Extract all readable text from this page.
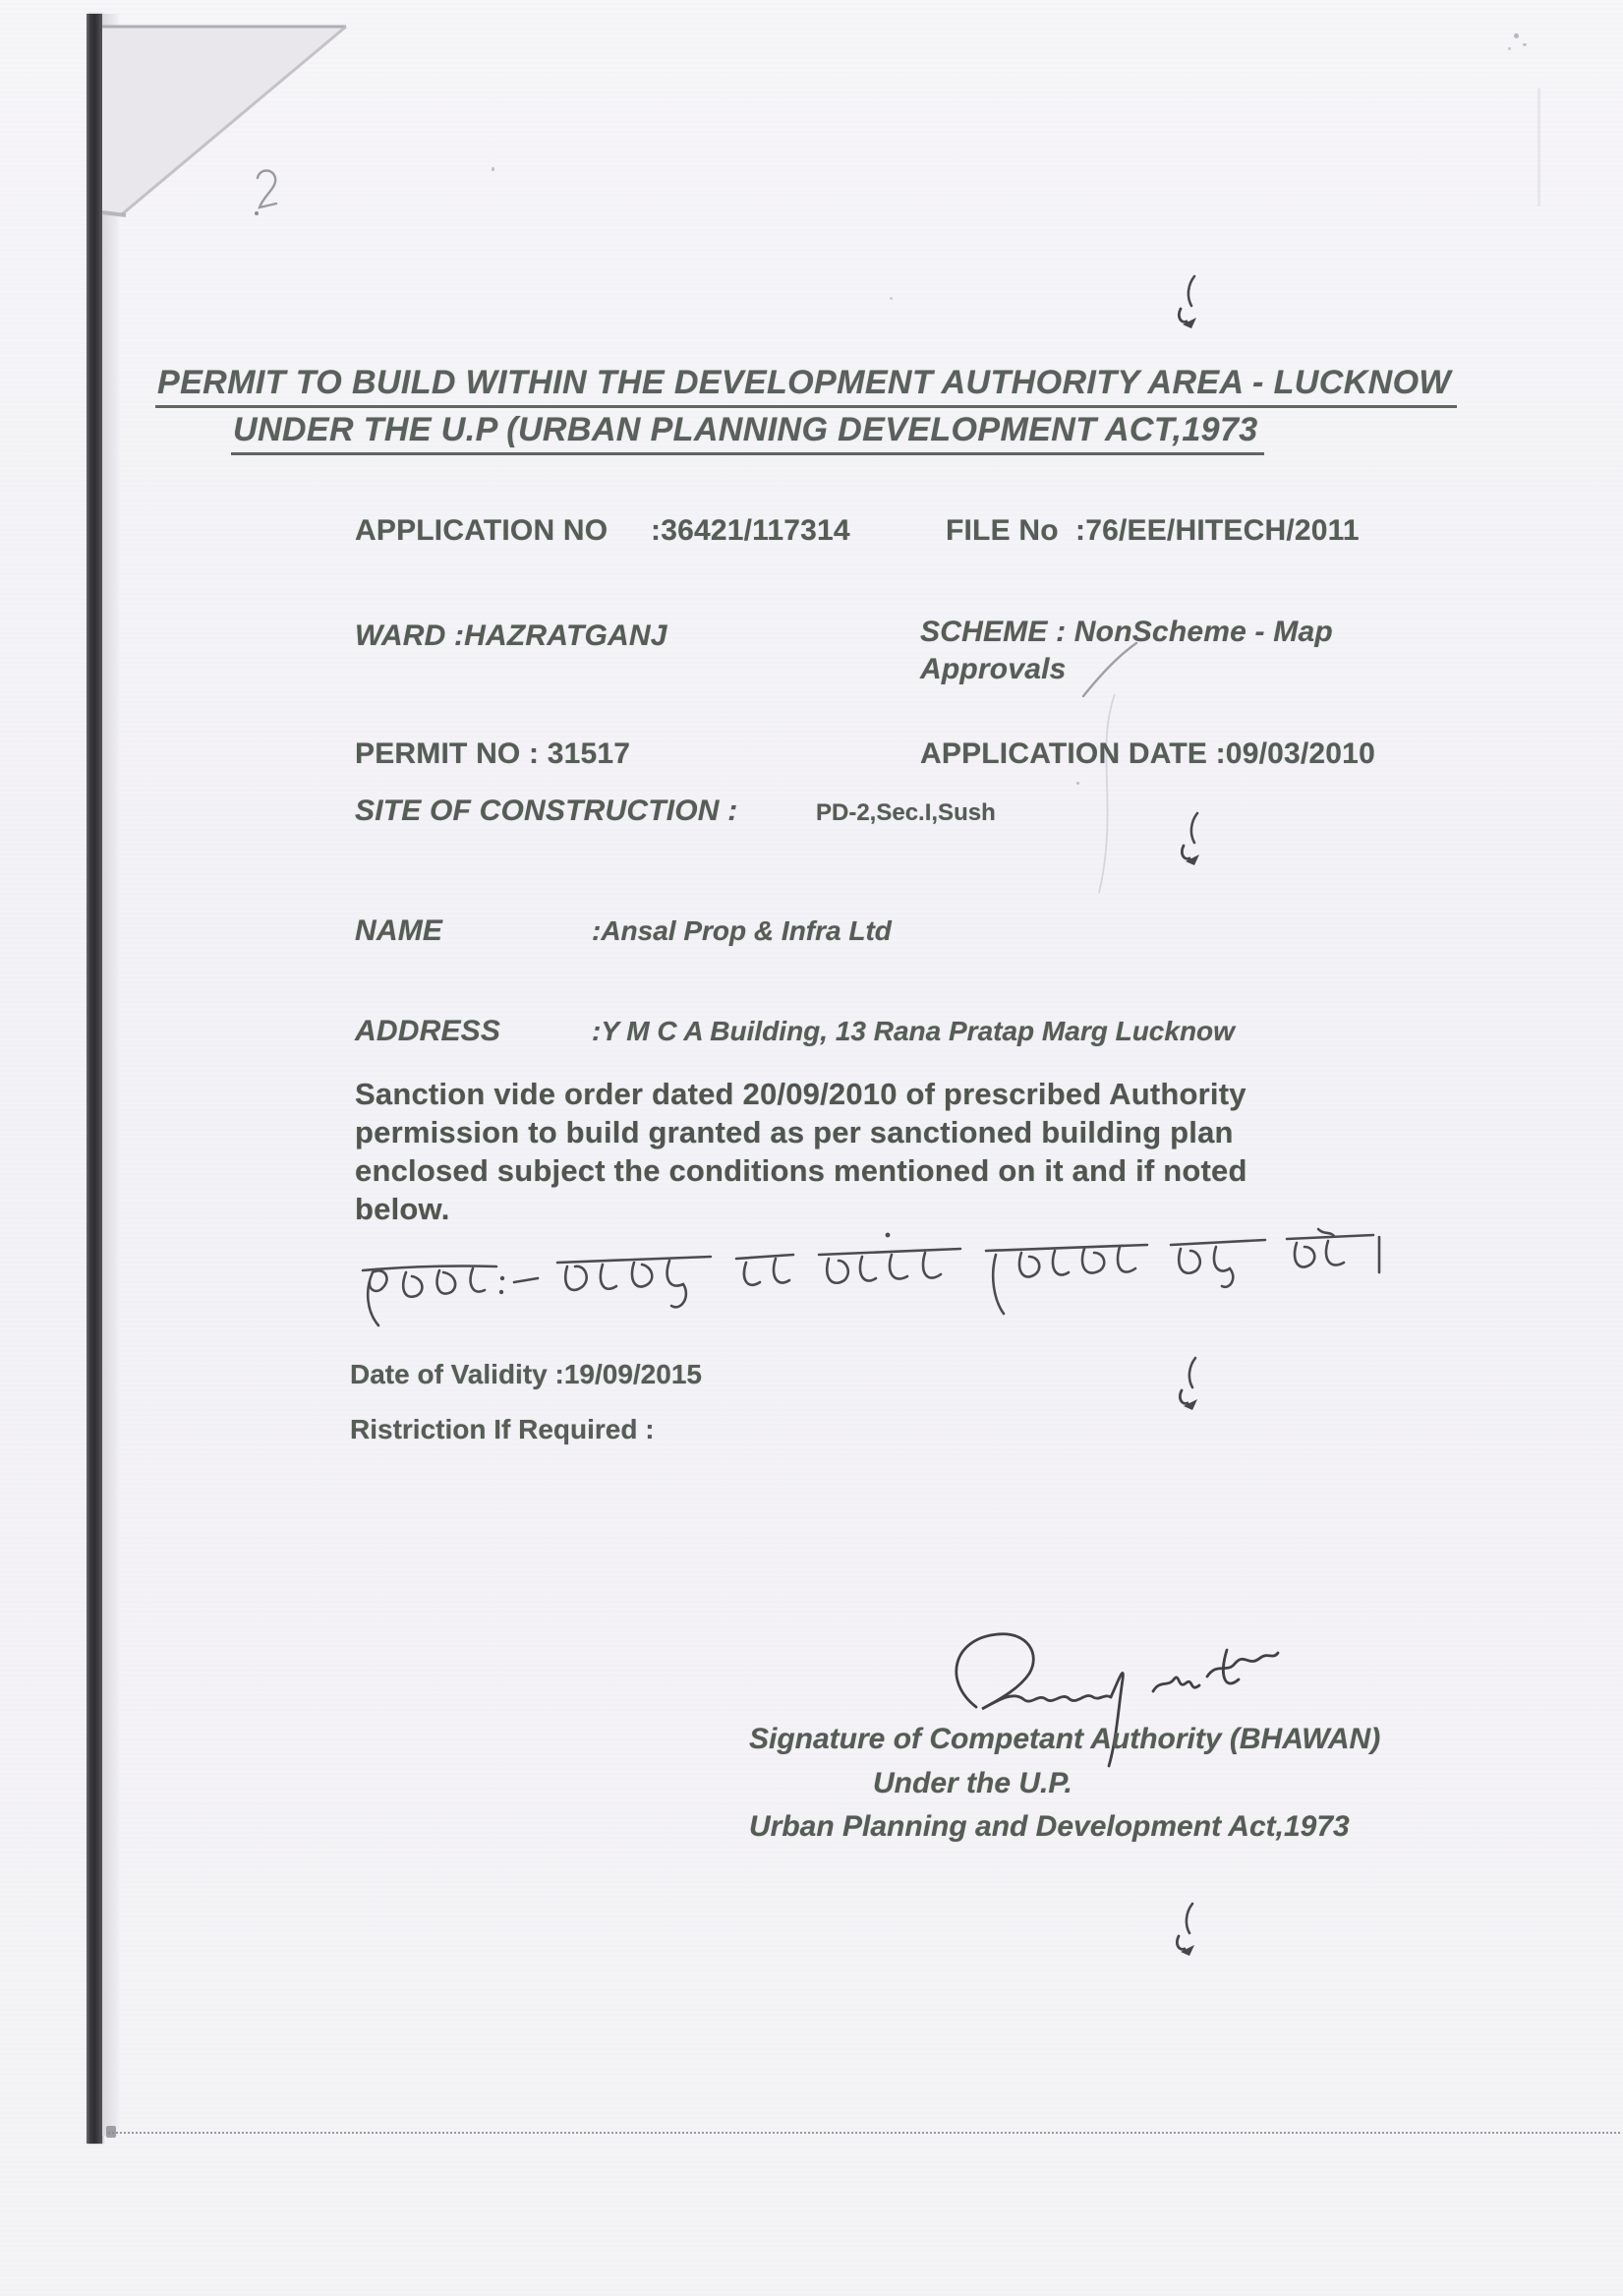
PERMIT TO BUILD WITHIN THE DEVELOPMENT AUTHORITY AREA - LUCKNOW
UNDER THE U.P (URBAN PLANNING DEVELOPMENT ACT,1973
APPLICATION NO :36421/117314	FILE No :76/EE/HITECH/2011
WARD :HAZRATGANJ	SCHEME : NonScheme - Map
Approvals
PERMIT NO : 31517	APPLICATION DATE :09/03/2010
SITE OF CONSTRUCTION :	PD-2,Sec.I,Sush
NAME	:Ansal Prop & Infra Ltd
ADDRESS	:Y M C A Building, 13 Rana Pratap Marg Lucknow
Sanction vide order dated 20/09/2010 of prescribed Authority
permission to build granted as per sanctioned building plan
enclosed subject the conditions mentioned on it and if noted
below.
Date of Validity :19/09/2015
Ristriction If Required :
Signature of Competant Authority (BHAWAN)
Under the U.P.
Urban Planning and Development Act,1973
